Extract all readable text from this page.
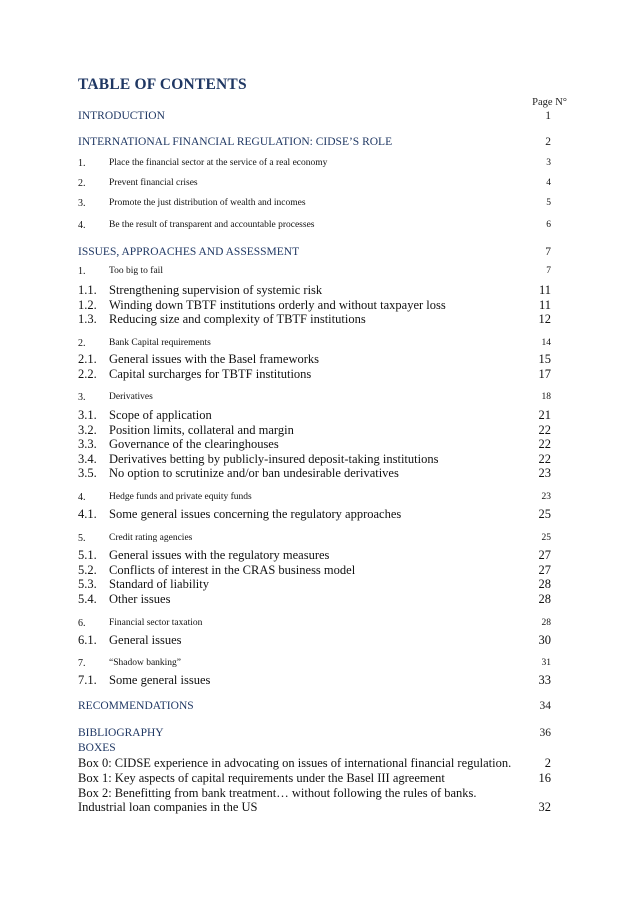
TABLE OF CONTENTS
Page N°
INTRODUCTION	1
INTERNATIONAL FINANCIAL REGULATION: CIDSE’S ROLE	2
1. Place the financial sector at the service of a real economy	3
2. Prevent financial crises	4
3. Promote the just distribution of wealth and incomes	5
4. Be the result of transparent and accountable processes	6
ISSUES, APPROACHES AND ASSESSMENT	7
1. Too big to fail	7
1.1. Strengthening supervision of systemic risk	11
1.2. Winding down TBTF institutions orderly and without taxpayer loss	11
1.3. Reducing size and complexity of TBTF institutions	12
2. Bank Capital requirements	14
2.1. General issues with the Basel frameworks	15
2.2. Capital surcharges for TBTF institutions	17
3. Derivatives	18
3.1. Scope of application	21
3.2. Position limits, collateral and margin	22
3.3. Governance of the clearinghouses	22
3.4. Derivatives betting by publicly-insured deposit-taking institutions	22
3.5. No option to scrutinize and/or ban undesirable derivatives	23
4. Hedge funds and private equity funds	23
4.1. Some general issues concerning the regulatory approaches	25
5. Credit rating agencies	25
5.1. General issues with the regulatory measures	27
5.2. Conflicts of interest in the CRAS business model	27
5.3. Standard of liability	28
5.4. Other issues	28
6. Financial sector taxation	28
6.1. General issues	30
7. “Shadow banking”	31
7.1. Some general issues	33
RECOMMENDATIONS	34
BIBLIOGRAPHY	36
BOXES
Box 0: CIDSE experience in advocating on issues of international financial regulation.	2
Box 1: Key aspects of capital requirements under the Basel III agreement	16
Box 2: Benefitting from bank treatment… without following the rules of banks.
Industrial loan companies in the US	32
